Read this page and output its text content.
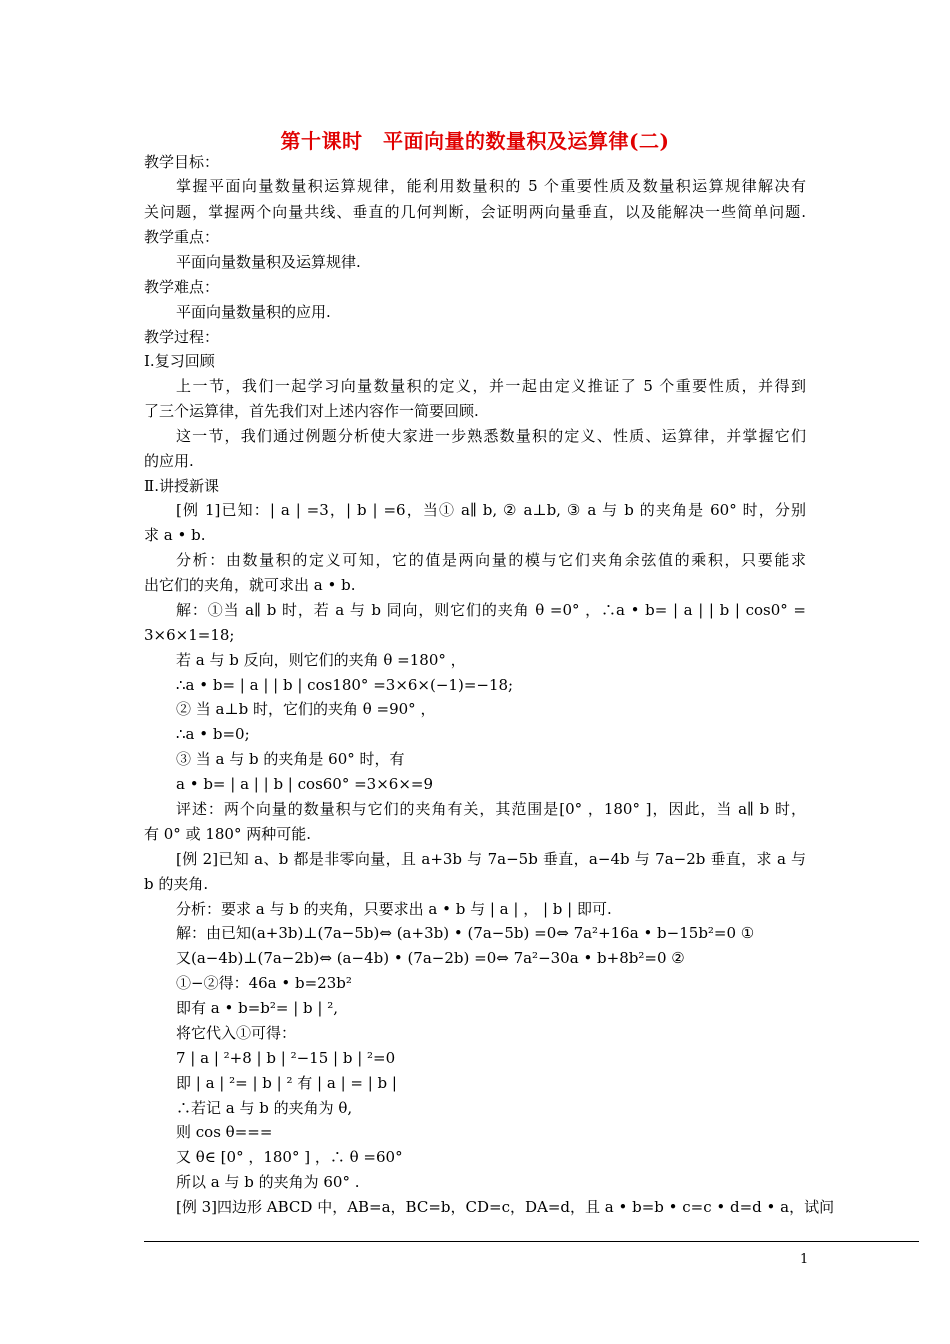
第十课时　平面向量的数量积及运算律(二)
教学目标：
掌握平面向量数量积运算规律，能利用数量积的 5 个重要性质及数量积运算规律解决有
关问题，掌握两个向量共线、垂直的几何判断，会证明两向量垂直，以及能解决一些简单问题.
教学重点：
平面向量数量积及运算规律.
教学难点：
平面向量数量积的应用.
教学过程：
Ⅰ.复习回顾
上一节，我们一起学习向量数量积的定义，并一起由定义推证了 5 个重要性质，并得到
了三个运算律，首先我们对上述内容作一简要回顾.
这一节，我们通过例题分析使大家进一步熟悉数量积的定义、性质、运算律，并掌握它们
的应用.
Ⅱ.讲授新课
[例 1]已知：| a | =3，| b | =6，当① a∥ b, ② a⊥b, ③ a 与 b 的夹角是 60° 时，分别
求 a • b.
分析：由数量积的定义可知，它的值是两向量的模与它们夹角余弦值的乘积，只要能求
出它们的夹角，就可求出 a • b.
解：①当 a∥ b 时，若 a 与 b 同向，则它们的夹角 θ =0° ，∴a • b= | a | | b | cos0° =
3×6×1=18;
若 a 与 b 反向，则它们的夹角 θ =180° ，
∴a • b= | a | | b | cos180° =3×6×(−1)=−18;
② 当 a⊥b 时，它们的夹角 θ =90° ，
∴a • b=0;
③ 当 a 与 b 的夹角是 60° 时，有
a • b= | a | | b | cos60° =3×6×=9
评述：两个向量的数量积与它们的夹角有关，其范围是[0° ，180° ]，因此，当 a∥ b 时，
有 0° 或 180° 两种可能.
[例 2]已知 a、b 都是非零向量，且 a+3b 与 7a−5b 垂直，a−4b 与 7a−2b 垂直，求 a 与
b 的夹角.
分析：要求 a 与 b 的夹角，只要求出 a • b 与 | a | ， | b | 即可.
解：由已知(a+3b)⊥(7a−5b)⇔ (a+3b) • (7a−5b) =0⇔ 7a²+16a • b−15b²=0 ①
又(a−4b)⊥(7a−2b)⇔ (a−4b) • (7a−2b) =0⇔ 7a²−30a • b+8b²=0 ②
①−②得：46a • b=23b²
即有 a • b=b²= | b | ²,
将它代入①可得：
7 | a | ²+8 | b | ²−15 | b | ²=0
即 | a | ²= | b | ² 有 | a | = | b |
∴若记 a 与 b 的夹角为 θ,
则 cos θ===
又 θ∈ [0° ，180° ] ，∴ θ =60°
所以 a 与 b 的夹角为 60° .
[例 3]四边形 ABCD 中，AB=a，BC=b，CD=c，DA=d，且 a • b=b • c=c • d=d • a，试问
1
